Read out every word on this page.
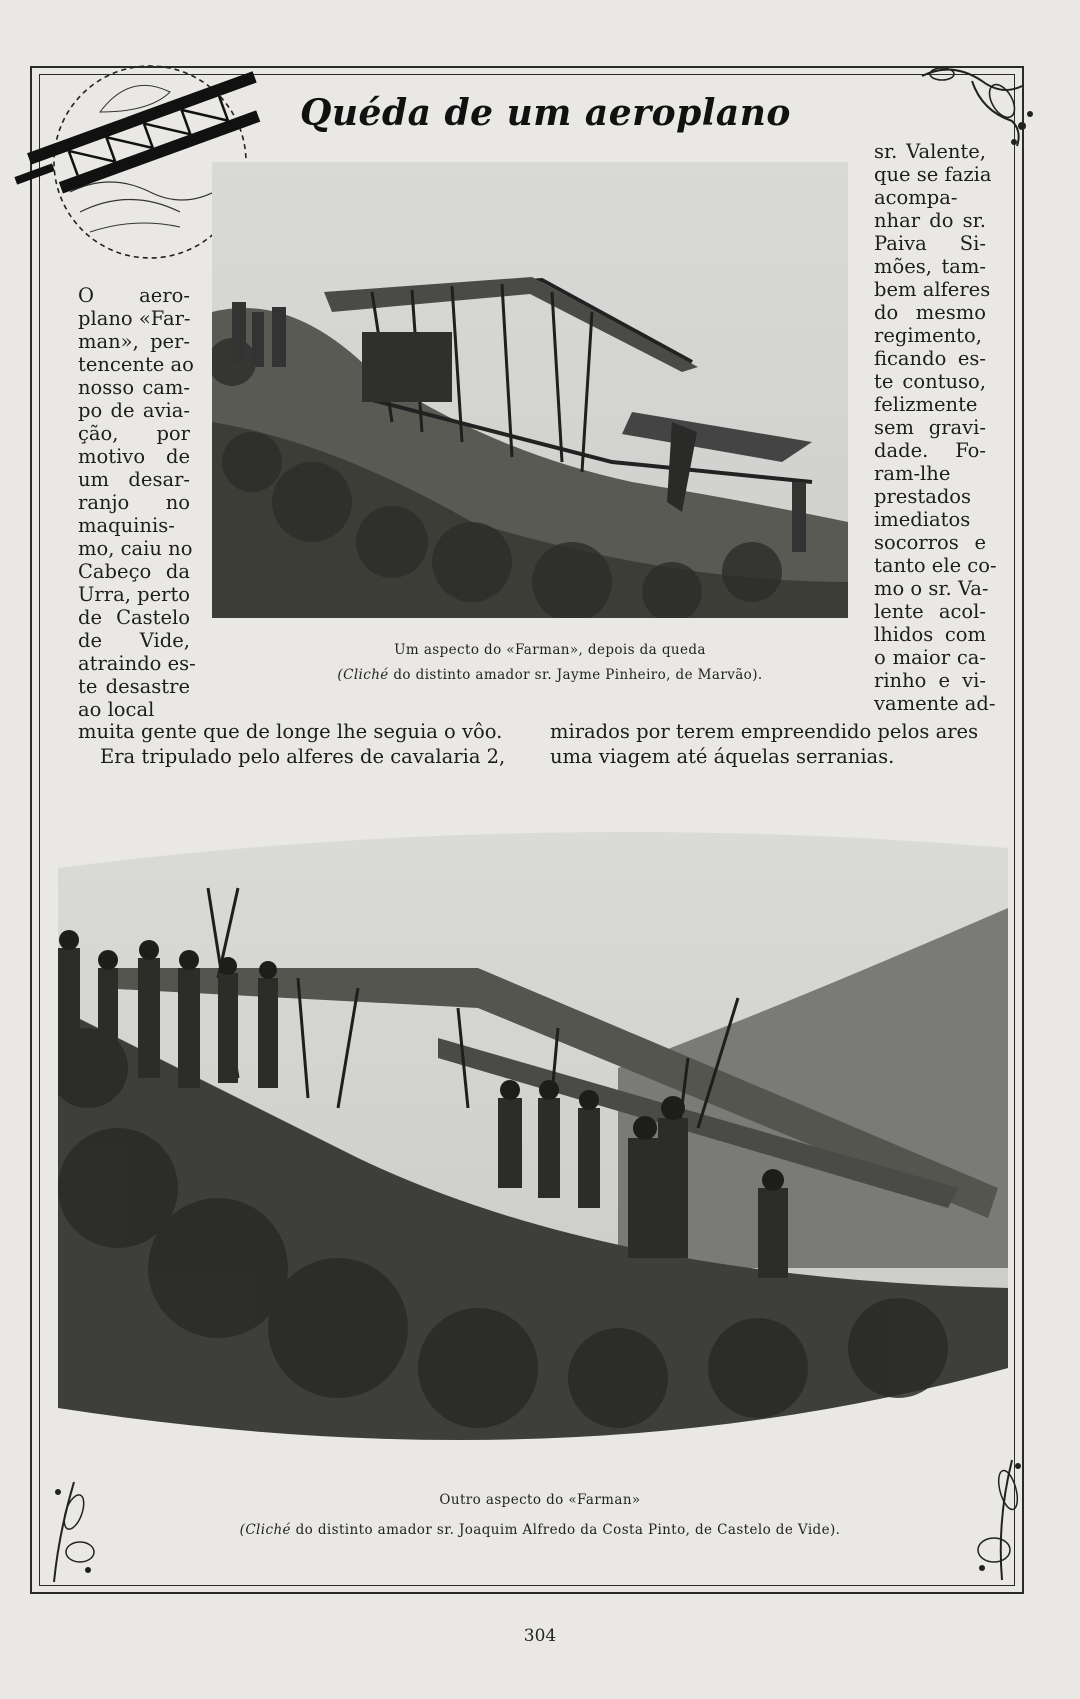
Quéda de um aeroplano
O aero-
plano «Far-
man», per-
tencente ao
nosso cam-
po de avia-
ção, por
motivo de
um desar-
ranjo no
maquinis-
mo, caiu no
Cabeço da
Urra, perto
de Castelo
de Vide,
atraindo es-
te desastre
ao local
sr. Valente,
que se fazia
acompa-
nhar do sr.
Paiva Si-
mões, tam-
bem alferes
do mesmo
regimento,
ficando es-
te contuso,
felizmente
sem gravi-
dade. Fo-
ram-lhe
prestados
imediatos
socorros e
tanto ele co-
mo o sr. Va-
lente acol-
lhidos com
o maior ca-
rinho e vi-
vamente ad-
Um aspecto do «Farman», depois da queda
(Cliché do distinto amador sr. Jayme Pinheiro, de Marvão).
muita gente que de longe lhe seguia o vôo.
Era tripulado pelo alferes de cavalaria 2,
mirados por terem empreendido pelos ares
uma viagem até áquelas serranias.
Outro aspecto do «Farman»
(Cliché do distinto amador sr. Joaquim Alfredo da Costa Pinto, de Castelo de Vide).
304
